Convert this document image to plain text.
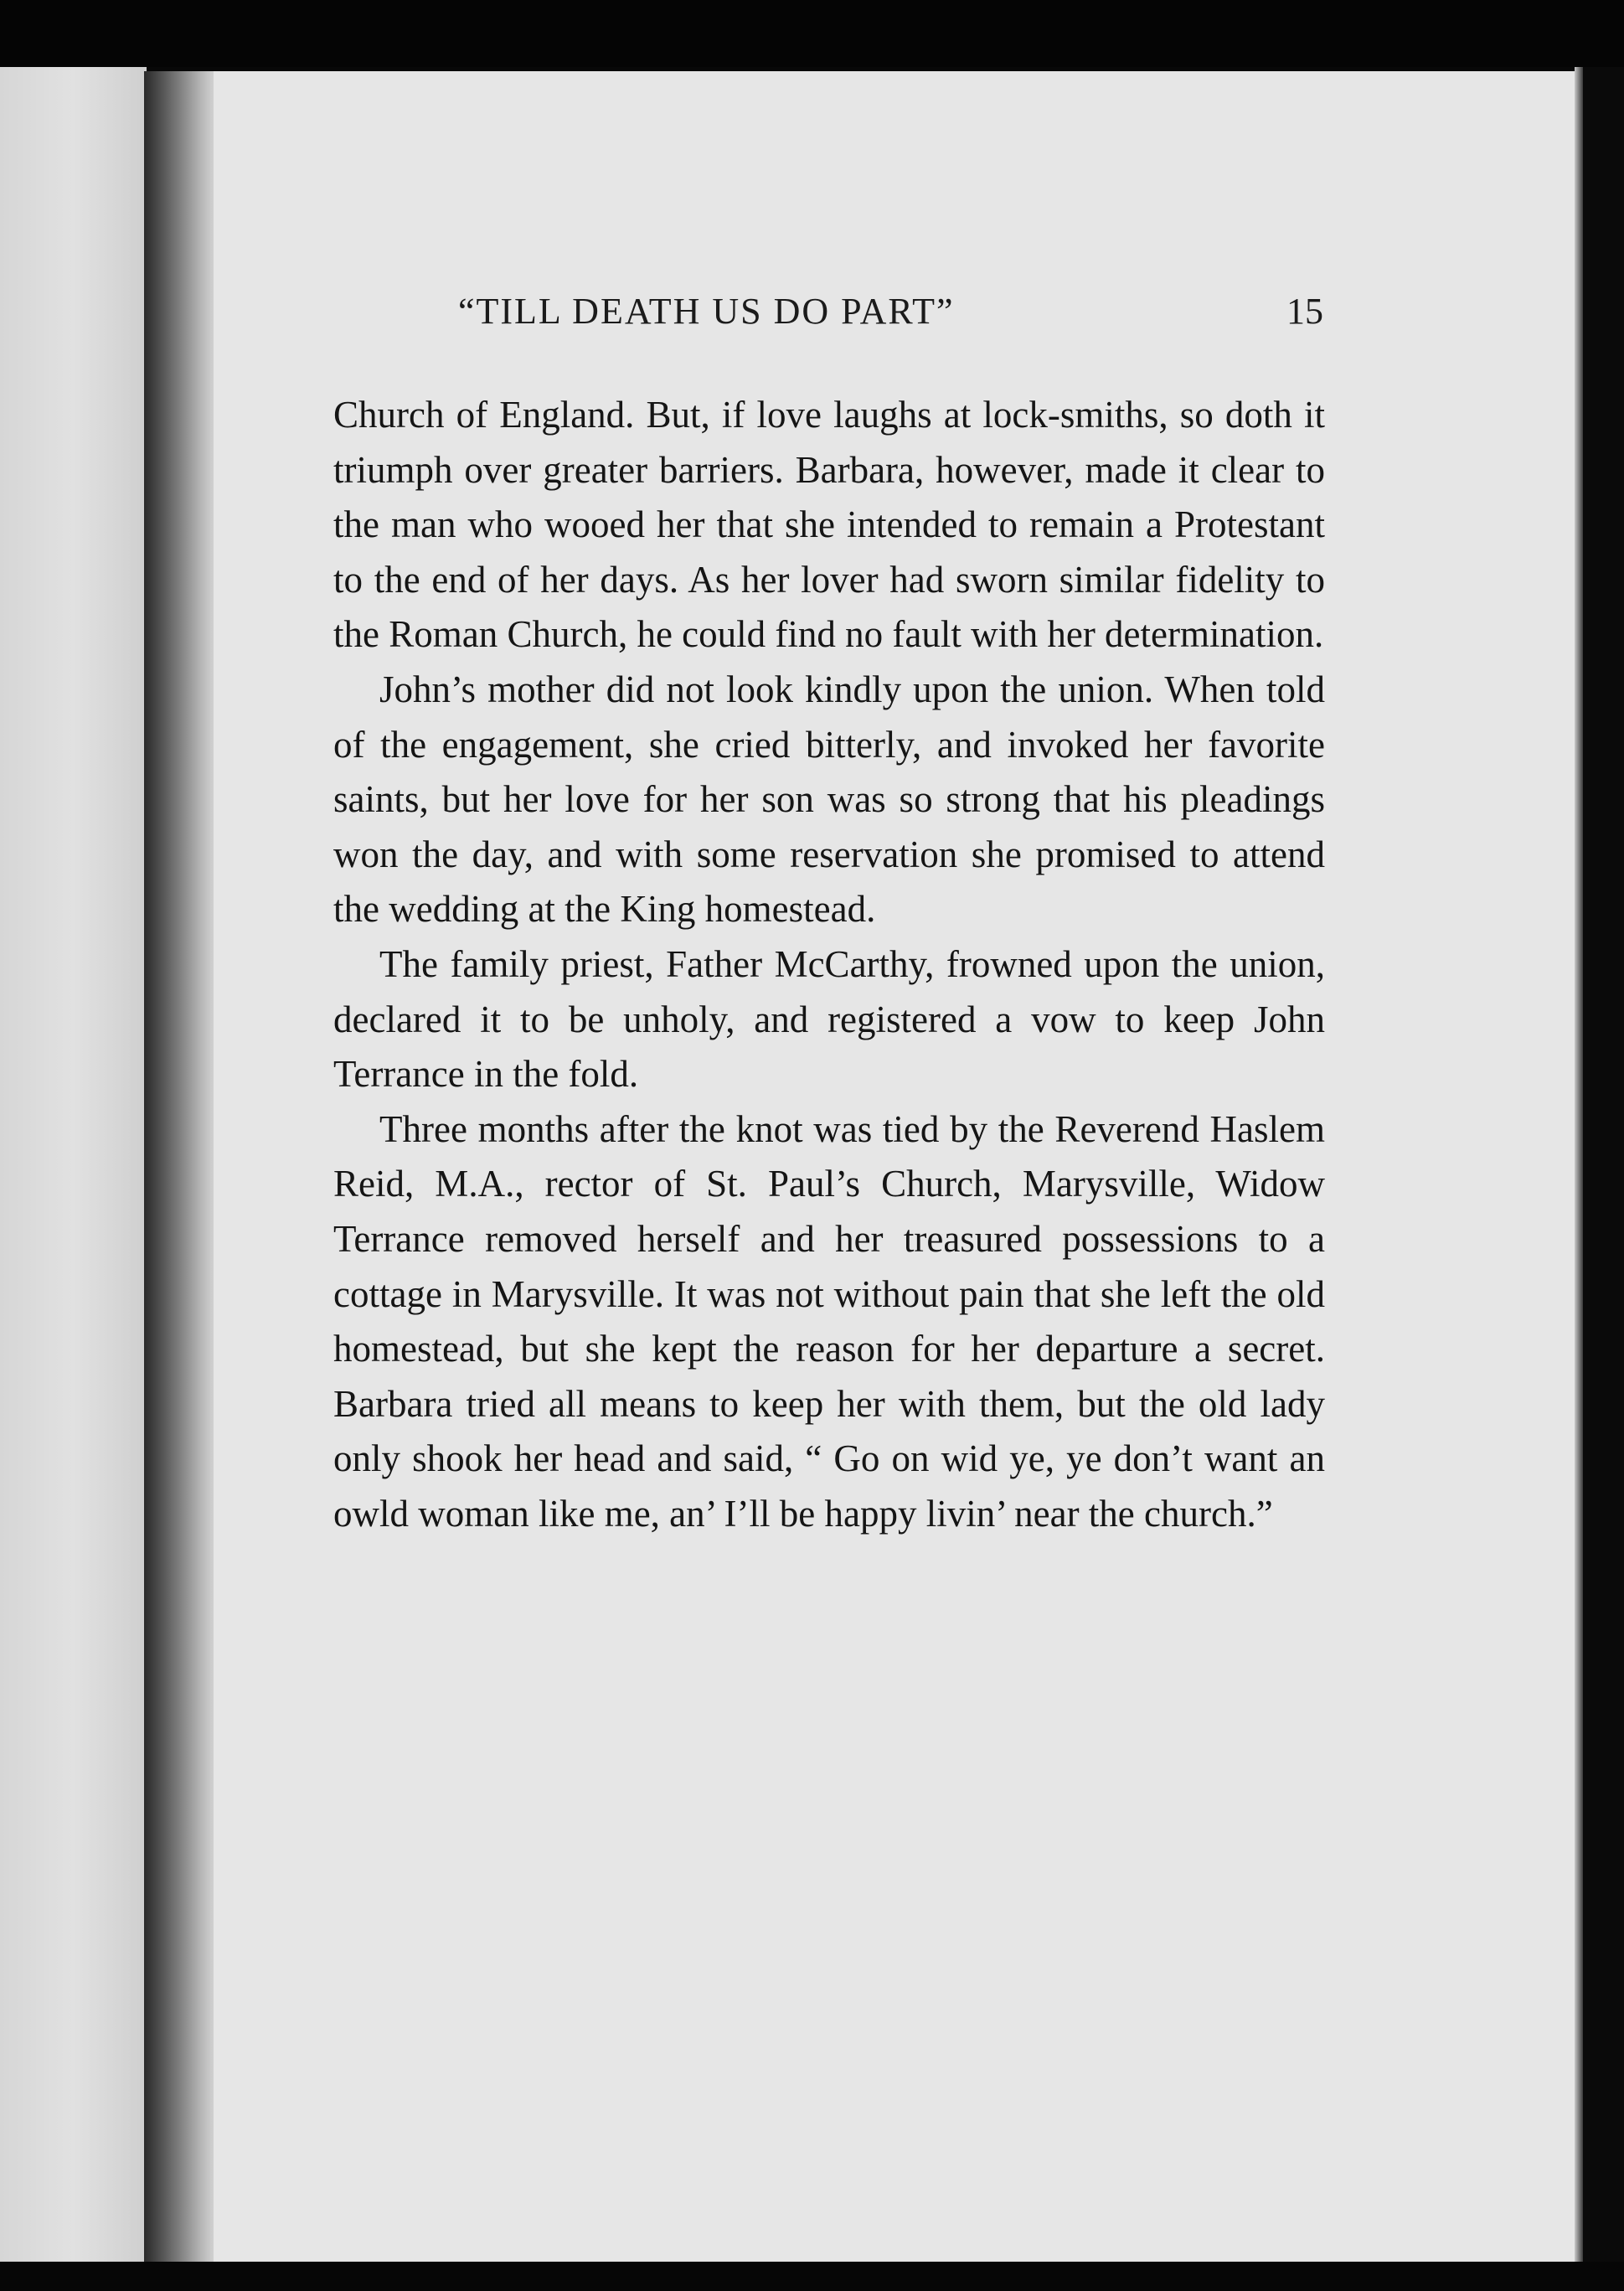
“TILL DEATH US DO PART”	15

Church of England. But, if love laughs at lock-smiths, so doth it triumph over greater barriers. Barbara, however, made it clear to the man who wooed her that she intended to remain a Protestant to the end of her days. As her lover had sworn similar fidelity to the Roman Church, he could find no fault with her determination.

John’s mother did not look kindly upon the union. When told of the engagement, she cried bitterly, and invoked her favorite saints, but her love for her son was so strong that his pleadings won the day, and with some reservation she promised to attend the wedding at the King homestead.

The family priest, Father McCarthy, frowned upon the union, declared it to be unholy, and registered a vow to keep John Terrance in the fold.

Three months after the knot was tied by the Reverend Haslem Reid, M.A., rector of St. Paul’s Church, Marysville, Widow Terrance removed herself and her treasured possessions to a cottage in Marysville. It was not without pain that she left the old homestead, but she kept the reason for her departure a secret. Barbara tried all means to keep her with them, but the old lady only shook her head and said, “ Go on wid ye, ye don’t want an owld woman like me, an’ I’ll be happy livin’ near the church.”
